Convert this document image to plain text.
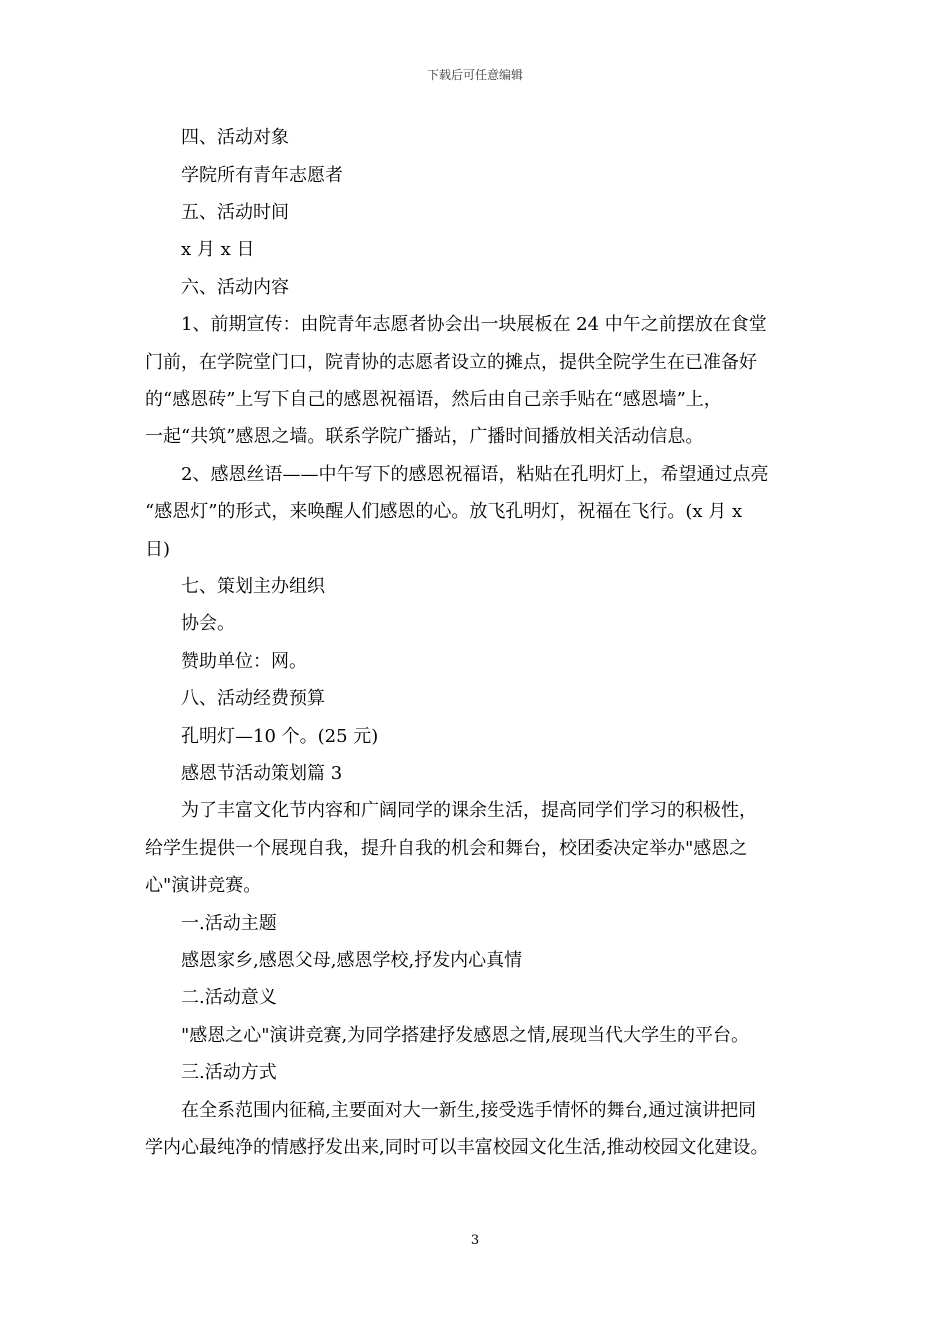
下载后可任意编辑
四、活动对象
学院所有青年志愿者
五、活动时间
x 月 x 日
六、活动内容
1、前期宣传：由院青年志愿者协会出一块展板在 24 中午之前摆放在食堂
门前，在学院堂门口，院青协的志愿者设立的摊点，提供全院学生在已准备好
的“感恩砖”上写下自己的感恩祝福语，然后由自己亲手贴在“感恩墙”上，
一起“共筑”感恩之墙。联系学院广播站，广播时间播放相关活动信息。
2、感恩丝语——中午写下的感恩祝福语，粘贴在孔明灯上，希望通过点亮
“感恩灯”的形式，来唤醒人们感恩的心。放飞孔明灯，祝福在飞行。(x 月 x
日)
七、策划主办组织
协会。
赞助单位：网。
八、活动经费预算
孔明灯—10 个。(25 元)
感恩节活动策划篇 3
为了丰富文化节内容和广阔同学的课余生活，提高同学们学习的积极性，
给学生提供一个展现自我，提升自我的机会和舞台，校团委决定举办"感恩之
心"演讲竞赛。
一.活动主题
感恩家乡,感恩父母,感恩学校,抒发内心真情
二.活动意义
"感恩之心"演讲竞赛,为同学搭建抒发感恩之情,展现当代大学生的平台。
三.活动方式
在全系范围内征稿,主要面对大一新生,接受选手情怀的舞台,通过演讲把同
学内心最纯净的情感抒发出来,同时可以丰富校园文化生活,推动校园文化建设。
3
